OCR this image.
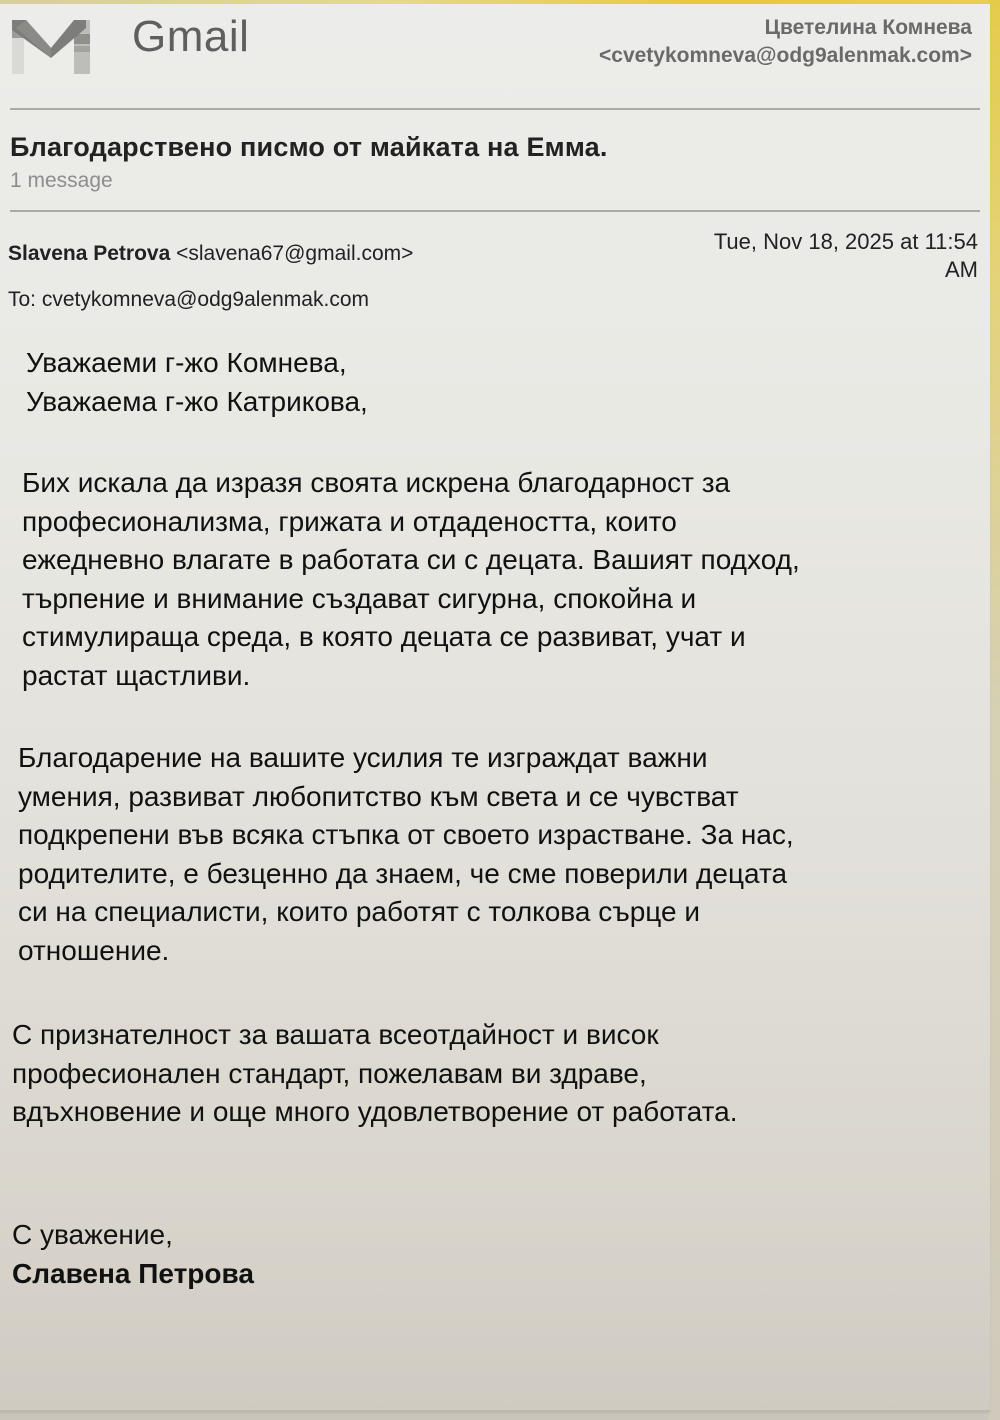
Gmail	Цветелина Комнева
<cvetykomneva@odg9alenmak.com>
Благодарствено писмо от майката на Емма.
1 message
Slavena Petrova <slavena67@gmail.com>	Tue, Nov 18, 2025 at 11:54
AM
To: cvetykomneva@odg9alenmak.com
Уважаеми г-жо Комнева,
Уважаема г-жо Катрикова,
Бих искала да изразя своята искрена благодарност за
професионализма, грижата и отдадеността, които
ежедневно влагате в работата си с децата. Вашият подход,
търпение и внимание създават сигурна, спокойна и
стимулираща среда, в която децата се развиват, учат и
растат щастливи.
Благодарение на вашите усилия те изграждат важни
умения, развиват любопитство към света и се чувстват
подкрепени във всяка стъпка от своето израстване. За нас,
родителите, е безценно да знаем, че сме поверили децата
си на специалисти, които работят с толкова сърце и
отношение.
С признателност за вашата всеотдайност и висок
професионален стандарт, пожелавам ви здраве,
вдъхновение и още много удовлетворение от работата.
С уважение,
Славена Петрова
